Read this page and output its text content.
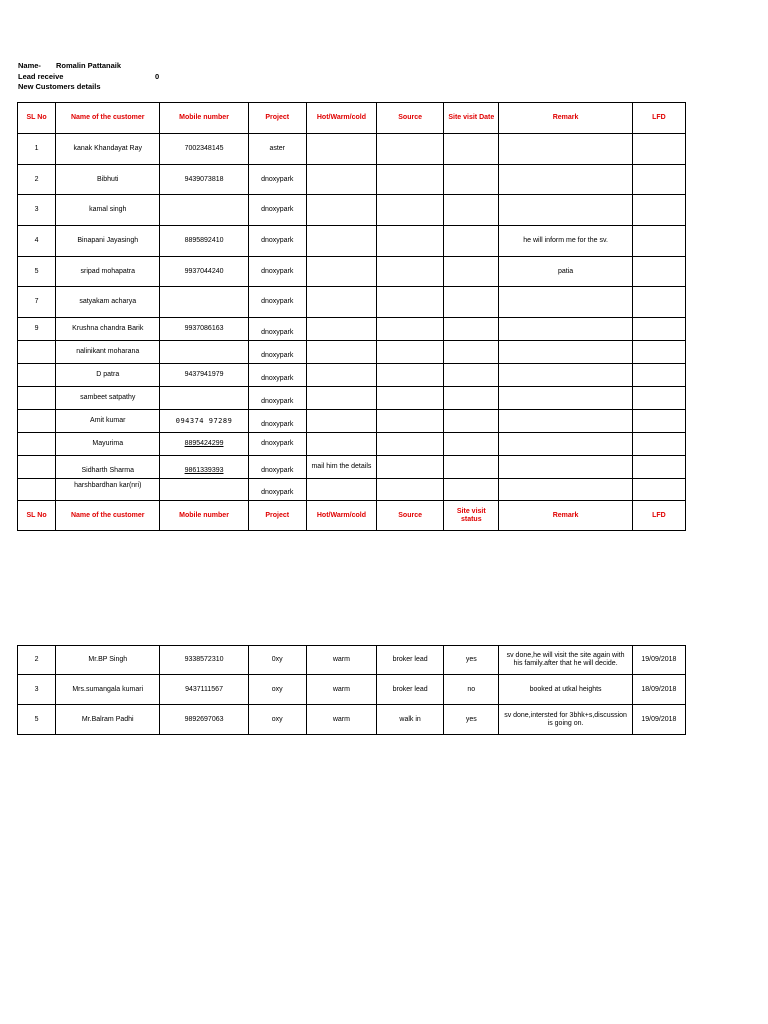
Name- Romalin Pattanaik
Lead receive	0
New Customers details
SL No	Name of the customer	Mobile number	Project	Hot/Warm/cold	Source	Site visit Date	Remark	LFD
1	kanak Khandayat Ray	7002348145	aster					
2	Bibhuti	9439073818	dnoxypark					
3	kamal singh		dnoxypark					
4	Binapani Jayasingh	8895892410	dnoxypark				he will inform me for the sv.	
5	sripad mohapatra	9937044240	dnoxypark				patia	
7	satyakam acharya		dnoxypark					
9	Krushna chandra Barik	9937086163	dnoxypark					
	nalinikant moharana		dnoxypark					
	D patra	9437941979	dnoxypark					
	sambeet satpathy		dnoxypark					
	Amit kumar	094374 97289	dnoxypark					
	Mayurima	8895424299	dnoxypark					
	Sidharth Sharma	9861339393	dnoxypark	mail him the details				
	harshbardhan kar(nri)		dnoxypark					
SL No	Name of the customer	Mobile number	Project	Hot/Warm/cold	Source	Site visit status	Remark	LFD
2	Mr.BP Singh	9338572310	0xy	warm	broker lead	yes	sv done,he will visit the site again with his family.after that he will decide.	19/09/2018
3	Mrs.sumangala kumari	9437111567	oxy	warm	broker lead	no	booked at utkal heights	18/09/2018
5	Mr.Balram Padhi	9892697063	oxy	warm	walk in	yes	sv done,intersted for 3bhk+s,discussion is going on.	19/09/2018
